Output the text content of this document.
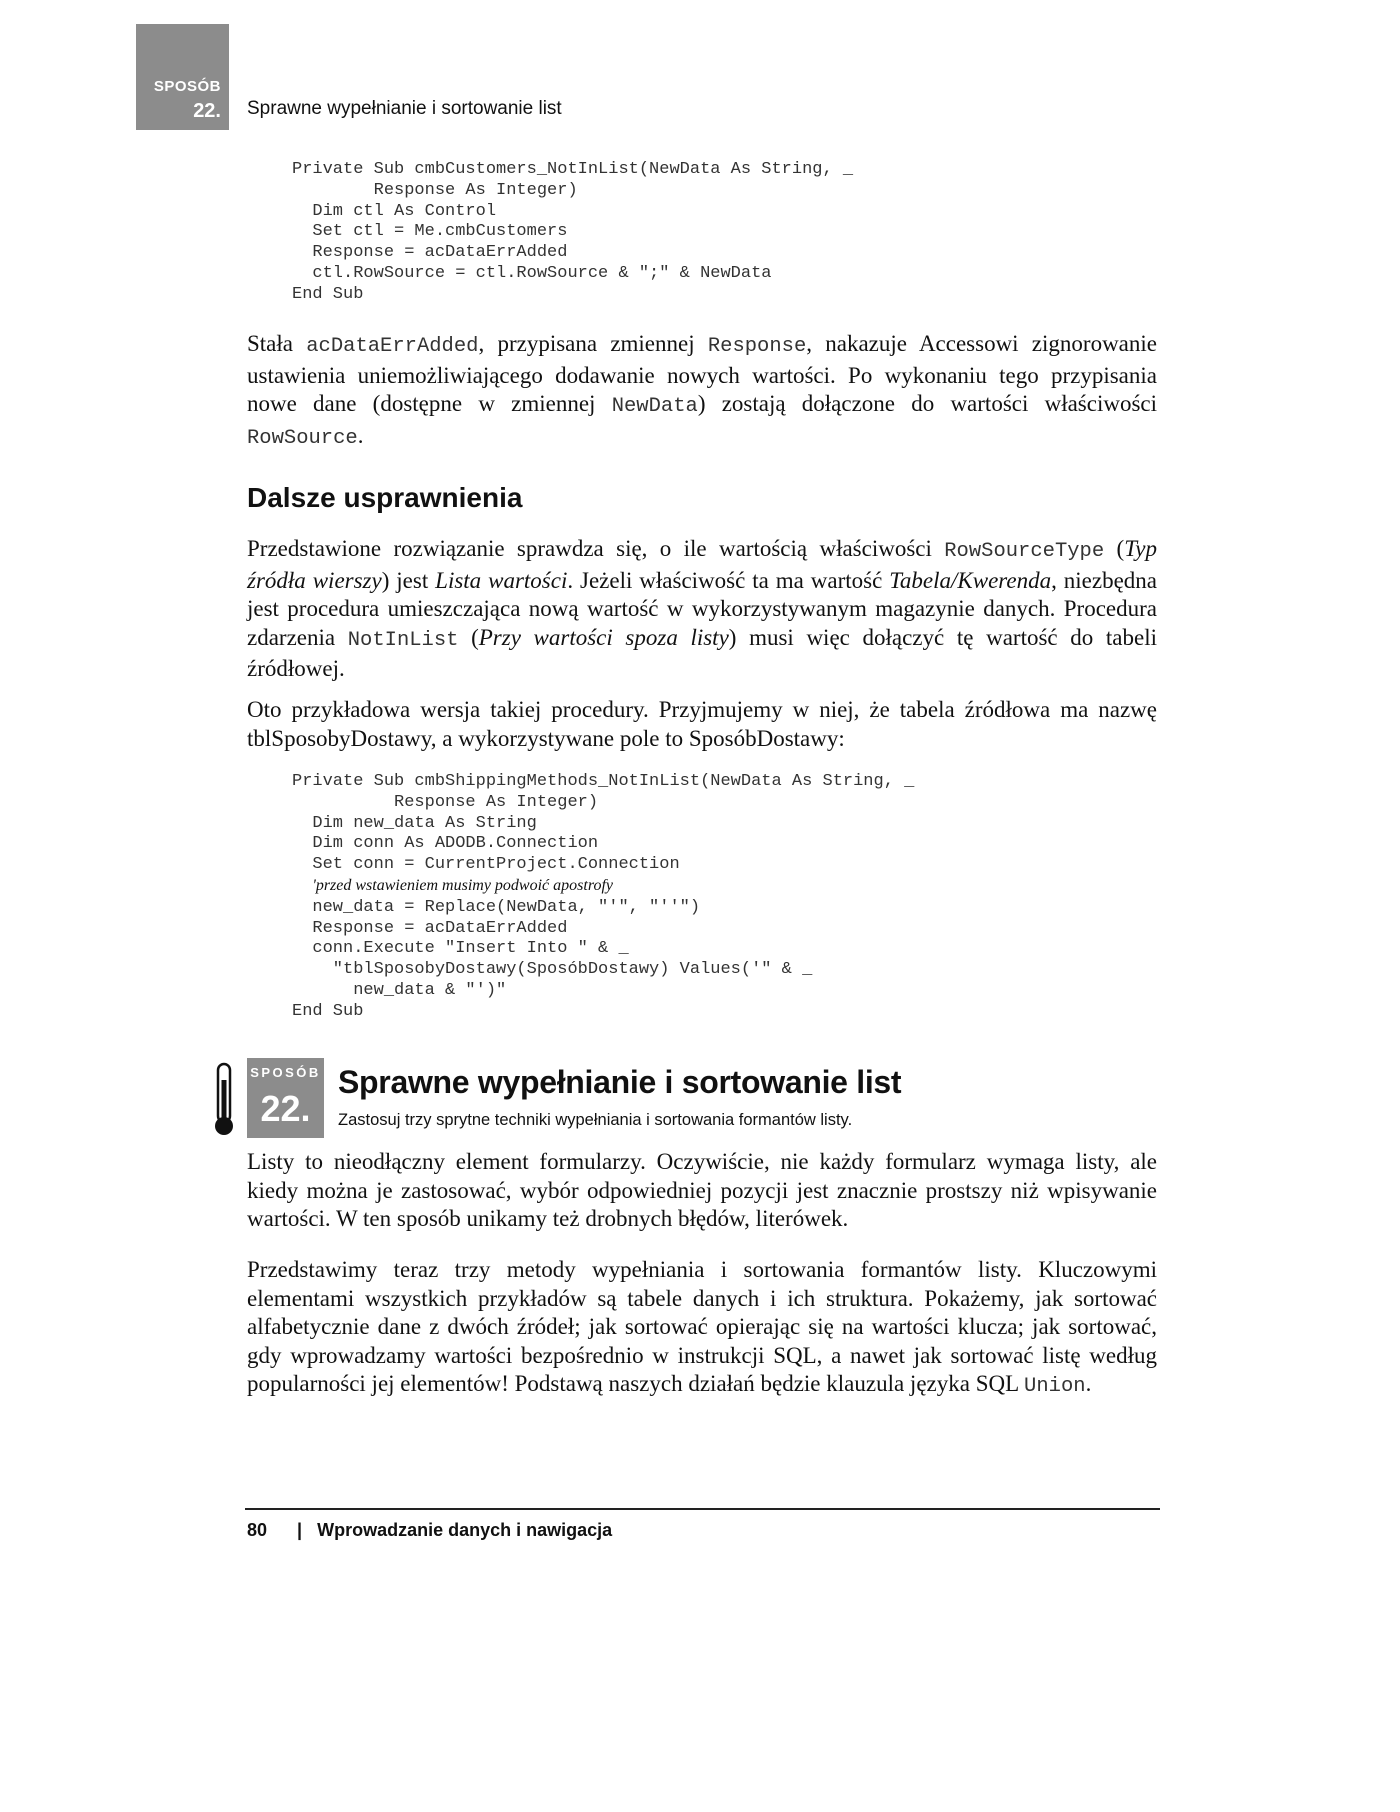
SPOSÓB
22. Sprawne wypełnianie i sortowanie list
Private Sub cmbCustomers_NotInList(NewData As String, _
Response As Integer)
Dim ctl As Control
Set ctl = Me.cmbCustomers
Response = acDataErrAdded
ctl.RowSource = ctl.RowSource & ";" & NewData
End Sub
Stała acDataErrAdded, przypisana zmiennej Response, nakazuje Accessowi zignorowanie ustawienia uniemożliwiającego dodawanie nowych wartości. Po wykonaniu tego przypisania nowe dane (dostępne w zmiennej NewData) zostają dołączone do wartości właściwości RowSource.
Dalsze usprawnienia
Przedstawione rozwiązanie sprawdza się, o ile wartością właściwości RowSourceType (Typ źródła wierszy) jest Lista wartości. Jeżeli właściwość ta ma wartość Tabela/Kwerenda, niezbędna jest procedura umieszczająca nową wartość w wykorzystywanym magazynie danych. Procedura zdarzenia NotInList (Przy wartości spoza listy) musi więc dołączyć tę wartość do tabeli źródłowej.
Oto przykładowa wersja takiej procedury. Przyjmujemy w niej, że tabela źródłowa ma nazwę tblSposobyDostawy, a wykorzystywane pole to SposóbDostawy:
Private Sub cmbShippingMethods_NotInList(NewData As String, _
Response As Integer)
Dim new_data As String
Dim conn As ADODB.Connection
Set conn = CurrentProject.Connection
'przed wstawieniem musimy podwoić apostrofy
new_data = Replace(NewData, "'", "''")
Response = acDataErrAdded
conn.Execute "Insert Into " & _
"tblSposobyDostawy(SposóbDostawy) Values('" & _
new_data & "')"
End Sub
SPOSÓB
22.
Sprawne wypełnianie i sortowanie list
Zastosuj trzy sprytne techniki wypełniania i sortowania formantów listy.
Listy to nieodłączny element formularzy. Oczywiście, nie każdy formularz wymaga listy, ale kiedy można je zastosować, wybór odpowiedniej pozycji jest znacznie prostszy niż wpisywanie wartości. W ten sposób unikamy też drobnych błędów, literówek.
Przedstawimy teraz trzy metody wypełniania i sortowania formantów listy. Kluczowymi elementami wszystkich przykładów są tabele danych i ich struktura. Pokażemy, jak sortować alfabetycznie dane z dwóch źródeł; jak sortować opierając się na wartości klucza; jak sortować, gdy wprowadzamy wartości bezpośrednio w instrukcji SQL, a nawet jak sortować listę według popularności jej elementów! Podstawą naszych działań będzie klauzula języka SQL Union.
80 | Wprowadzanie danych i nawigacja
